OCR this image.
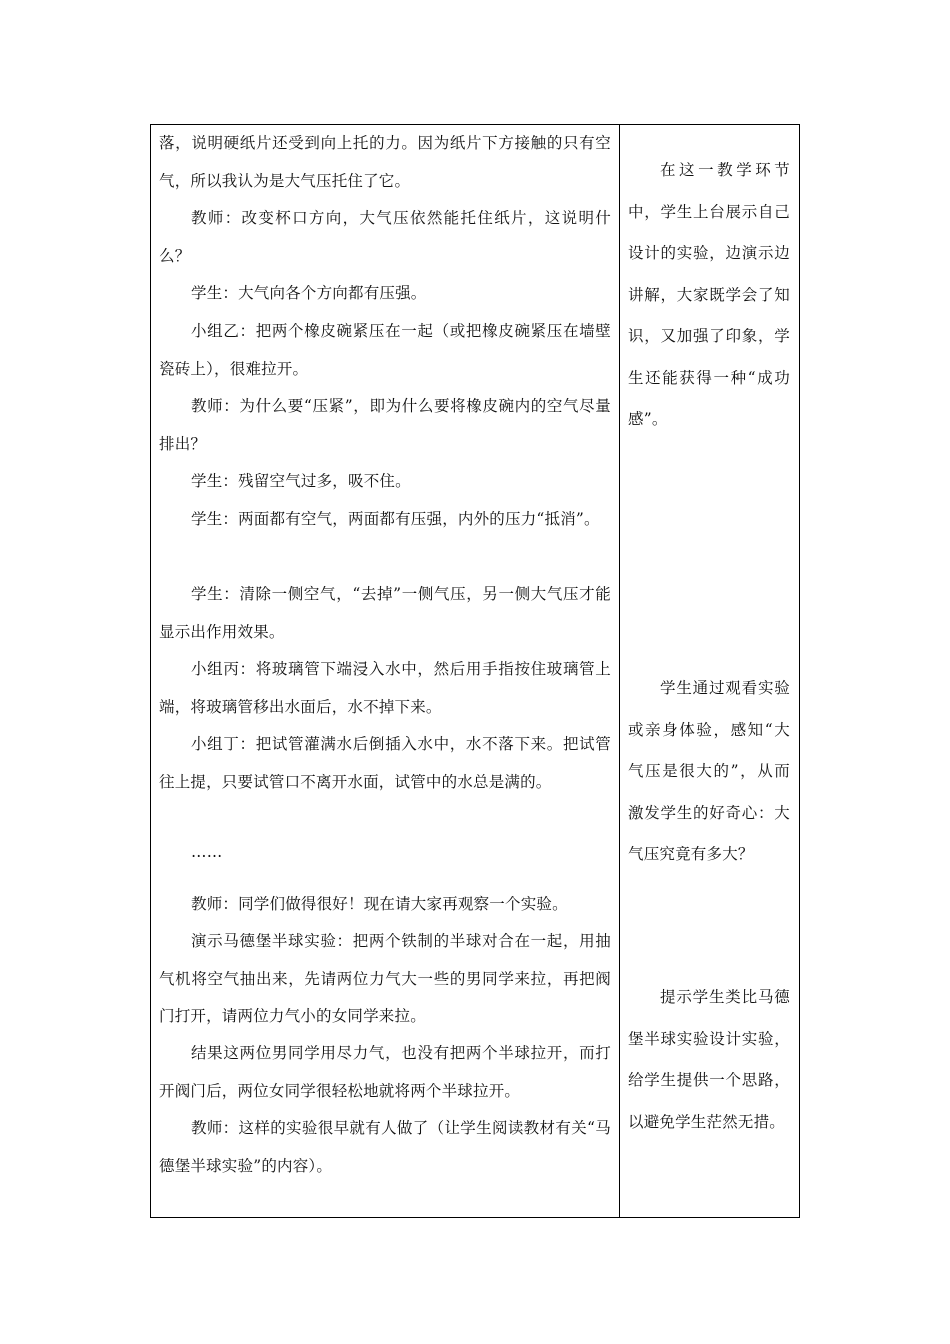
落，说明硬纸片还受到向上托的力。因为纸片下方接触的只有空气，所以我认为是大气压托住了它。

教师：改变杯口方向，大气压依然能托住纸片，这说明什么？

学生：大气向各个方向都有压强。

小组乙：把两个橡皮碗紧压在一起（或把橡皮碗紧压在墙壁瓷砖上），很难拉开。

教师：为什么要“压紧”，即为什么要将橡皮碗内的空气尽量排出？

学生：残留空气过多，吸不住。

学生：两面都有空气，两面都有压强，内外的压力“抵消”。

学生：清除一侧空气，“去掉”一侧气压，另一侧大气压才能显示出作用效果。

小组丙：将玻璃管下端浸入水中，然后用手指按住玻璃管上端，将玻璃管移出水面后，水不掉下来。

小组丁：把试管灌满水后倒插入水中，水不落下来。把试管往上提，只要试管口不离开水面，试管中的水总是满的。

……

教师：同学们做得很好！现在请大家再观察一个实验。

演示马德堡半球实验：把两个铁制的半球对合在一起，用抽气机将空气抽出来，先请两位力气大一些的男同学来拉，再把阀门打开，请两位力气小的女同学来拉。

结果这两位男同学用尽力气，也没有把两个半球拉开，而打开阀门后，两位女同学很轻松地就将两个半球拉开。

教师：这样的实验很早就有人做了（让学生阅读教材有关“马德堡半球实验”的内容）。

在这一教学环节中，学生上台展示自己设计的实验，边演示边讲解，大家既学会了知识，又加强了印象，学生还能获得一种“成功感”。

学生通过观看实验或亲身体验，感知“大气压是很大的”，从而激发学生的好奇心：大气压究竟有多大？

提示学生类比马德堡半球实验设计实验，给学生提供一个思路，以避免学生茫然无措。
